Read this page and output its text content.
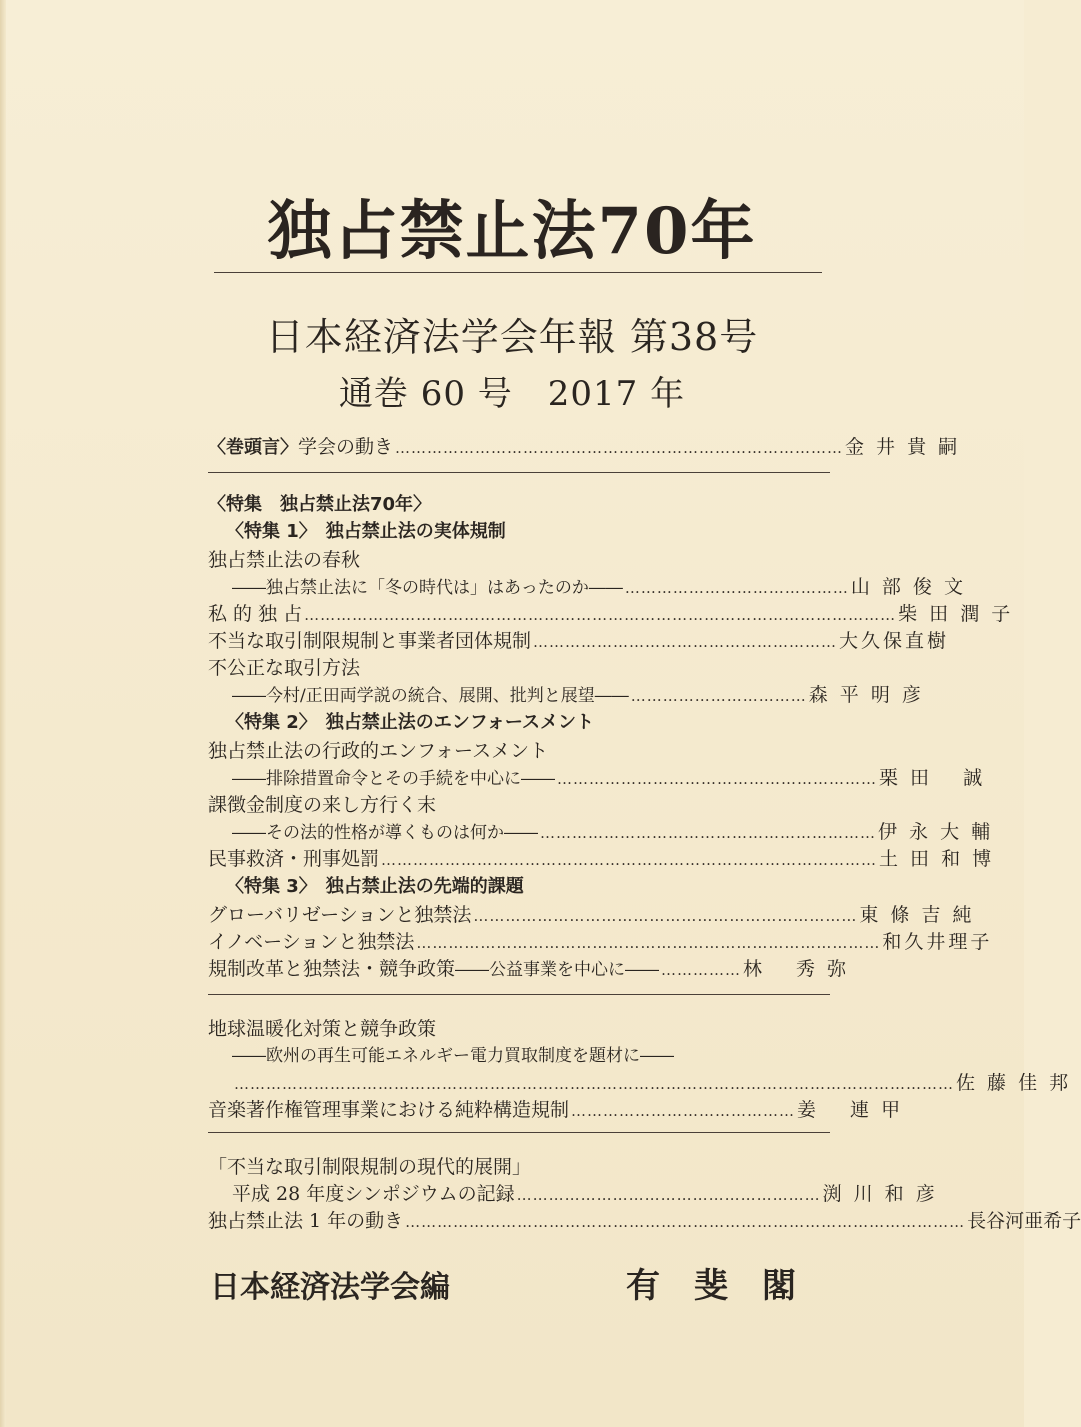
独占禁止法70年
日本経済法学会年報 第38号
通巻 60 号　2017 年
〈巻頭言〉 学会の動き ………………………………………………………………………… 金 井 貴 嗣
〈特集　独占禁止法70年〉
〈特集 1〉　独占禁止法の実体規制
独占禁止法の春秋
――独占禁止法に「冬の時代は」はあったのか―― …………………………………… 山 部 俊 文
私 的 独 占 ………………………………………………………………………………………………… 柴 田 潤 子
不当な取引制限規制と事業者団体規制 ………………………………………………… 大久保直樹
不公正な取引方法
――今村/正田両学説の統合、展開、批判と展望―― …………………………… 森 平 明 彦
〈特集 2〉　独占禁止法のエンフォースメント
独占禁止法の行政的エンフォースメント
――排除措置命令とその手続を中心に―― …………………………………………………… 栗 田　 誠
課徴金制度の来し方行く末
――その法的性格が導くものは何か―― ……………………………………………………… 伊 永 大 輔
民事救済・刑事処罰 ………………………………………………………………………………… 土 田 和 博
〈特集 3〉　独占禁止法の先端的課題
グローバリゼーションと独禁法 ……………………………………………………………… 東 條 吉 純
イノベーションと独禁法 …………………………………………………………………………… 和久井理子
規制改革と独禁法・競争政策 ――公益事業を中心に―― …………… 林　 秀 弥
地球温暖化対策と競争政策
――欧州の再生可能エネルギー電力買取制度を題材に――
……………………………………………………………………………………………………………………… 佐 藤 佳 邦
音楽著作権管理事業における純粋構造規制 …………………………………… 姜　 連 甲
「不当な取引制限規制の現代的展開」
平成 28 年度シンポジウムの記録 ………………………………………………… 渕 川 和 彦
独占禁止法 1 年の動き …………………………………………………………………………………………… 長谷河亜希子
日本経済法学会編	有斐閣
